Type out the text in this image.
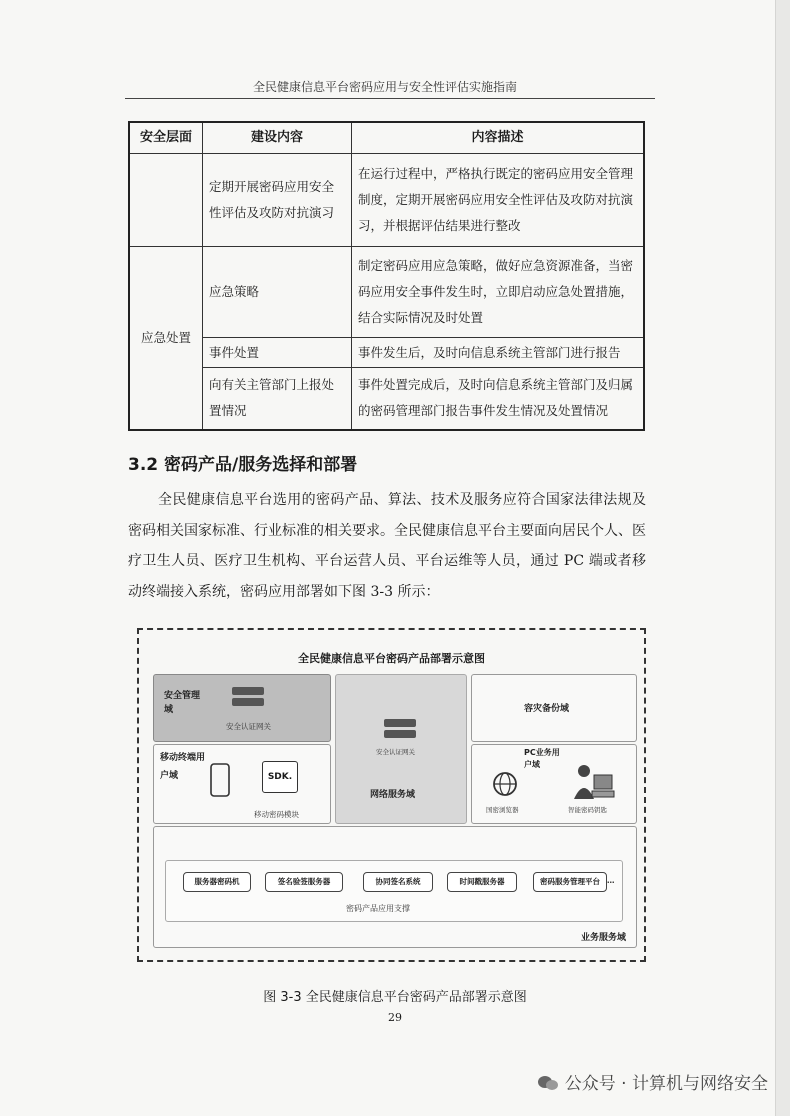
全民健康信息平台密码应用与安全性评估实施指南
安全层面	建设内容	内容描述
	定期开展密码应用安全性评估及攻防对抗演习	在运行过程中，严格执行既定的密码应用安全管理制度，定期开展密码应用安全性评估及攻防对抗演习，并根据评估结果进行整改
应急处置	应急策略	制定密码应用应急策略，做好应急资源准备，当密码应用安全事件发生时，立即启动应急处置措施，结合实际情况及时处置
	事件处置	事件发生后，及时向信息系统主管部门进行报告
	向有关主管部门上报处置情况	事件处置完成后，及时向信息系统主管部门及归属的密码管理部门报告事件发生情况及处置情况
3.2 密码产品/服务选择和部署
全民健康信息平台选用的密码产品、算法、技术及服务应符合国家法律法规及密码相关国家标准、行业标准的相关要求。全民健康信息平台主要面向居民个人、医疗卫生人员、医疗卫生机构、平台运营人员、平台运维等人员，通过 PC 端或者移动终端接入系统，密码应用部署如下图 3-3 所示：
全民健康信息平台密码产品部署示意图
安全管理域
安全认证网关
移动终端用户域	SDK.
移动密码模块
安全认证网关
网络服务域
容灾备份域
PC业务用户域
国密浏览器	智能密码钥匙
业务服务域
密码产品应用支撑
服务器密码机	签名验签服务器	协同签名系统	时间戳服务器	密码服务管理平台 …
图 3-3 全民健康信息平台密码产品部署示意图
29
公众号 · 计算机与网络安全
